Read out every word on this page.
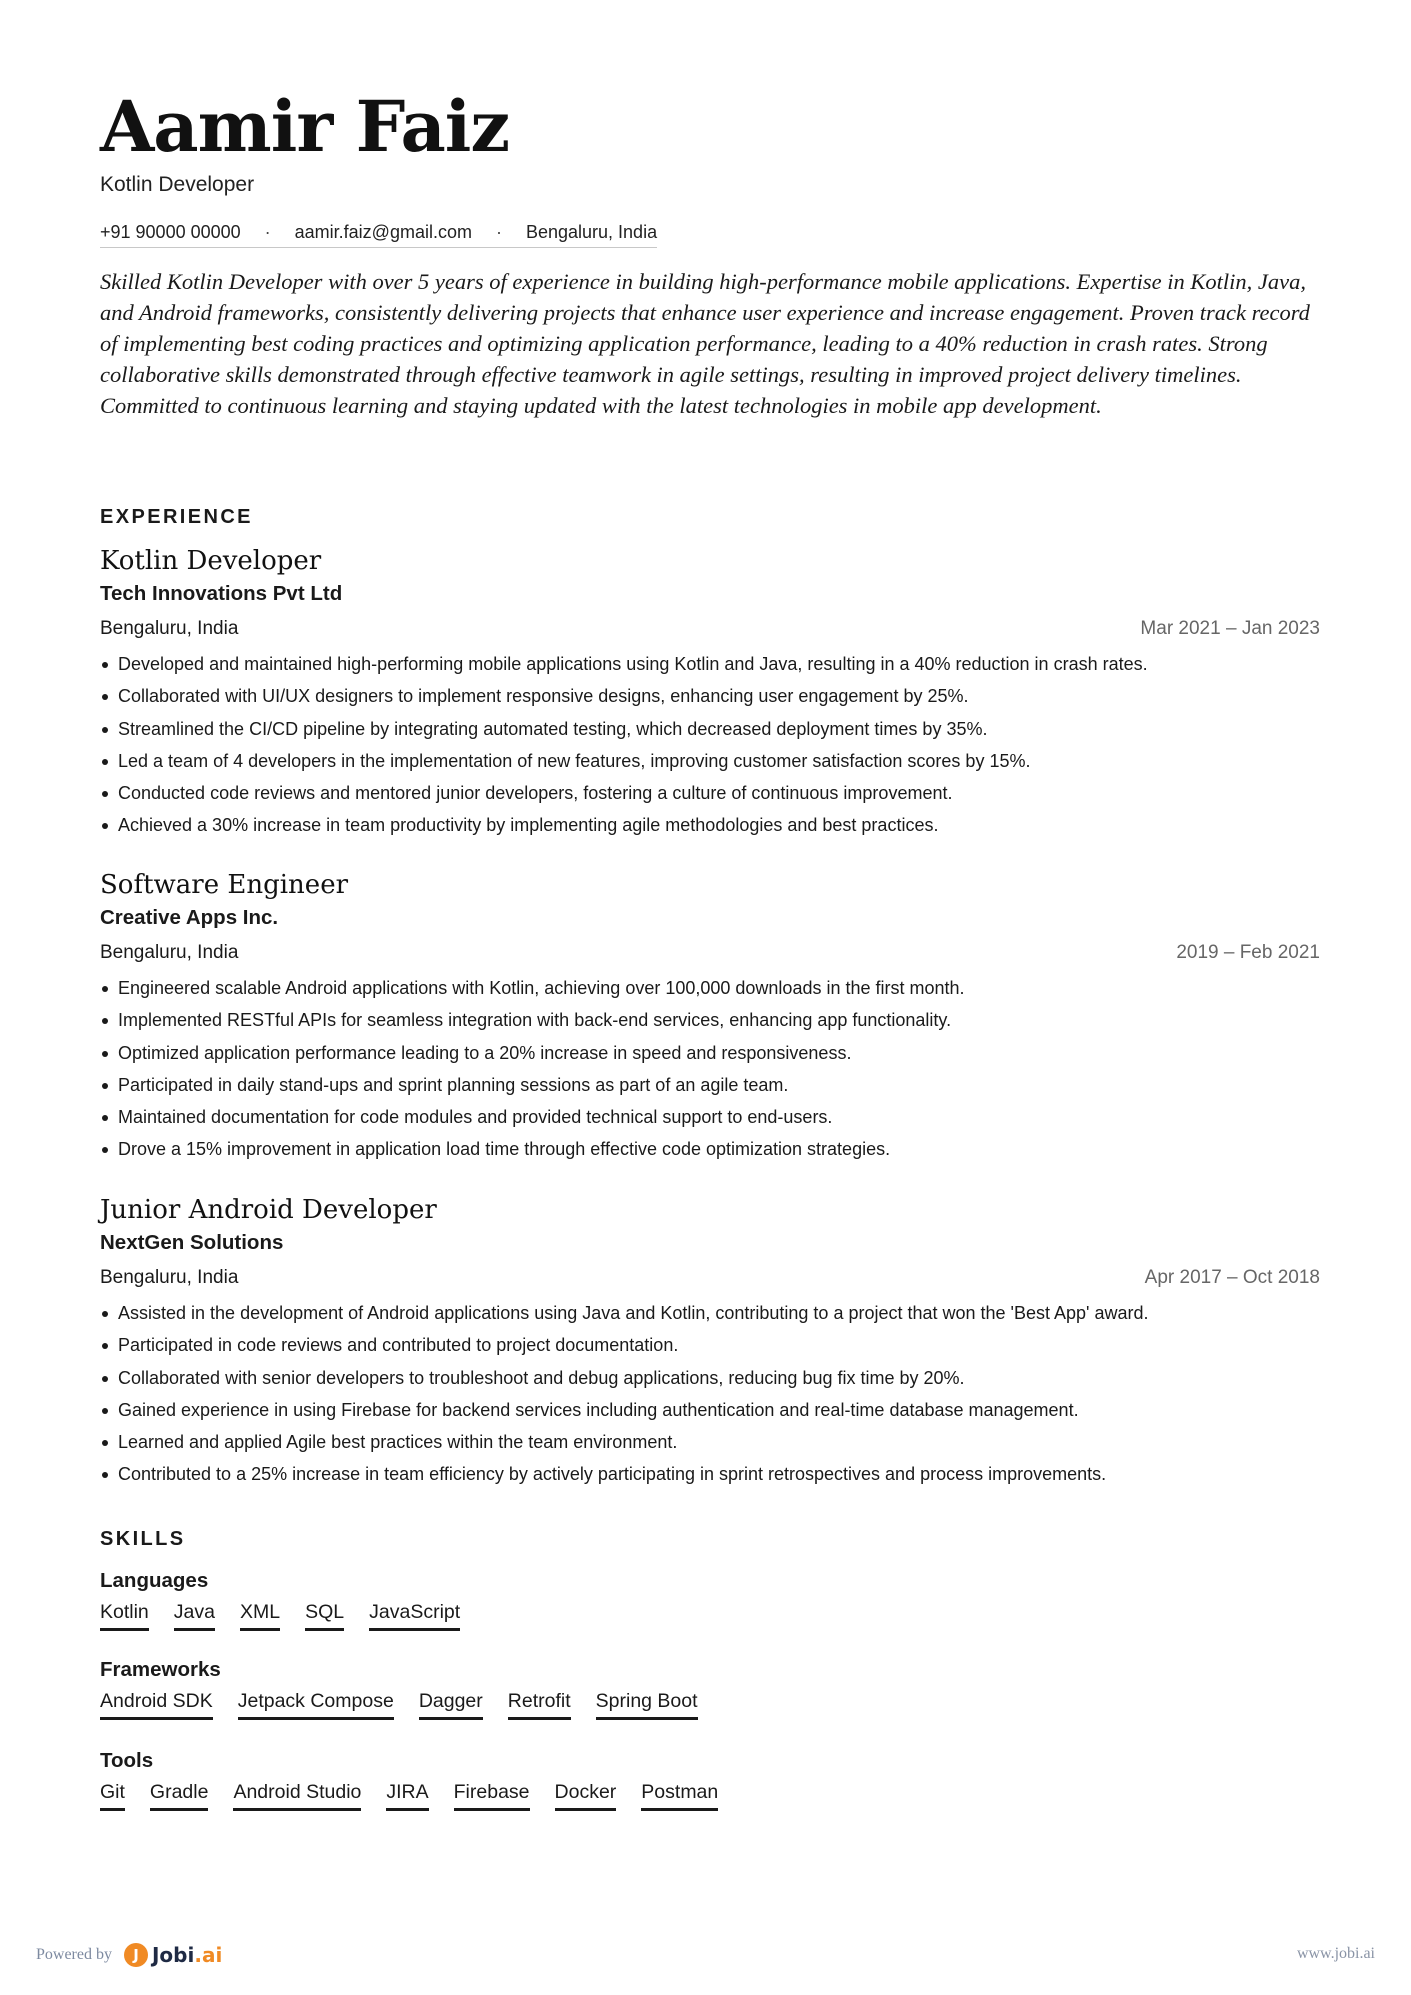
Aamir Faiz
Kotlin Developer
+91 90000 00000 · aamir.faiz@gmail.com · Bengaluru, India

Skilled Kotlin Developer with over 5 years of experience in building high-performance mobile applications. Expertise in Kotlin, Java, and Android frameworks, consistently delivering projects that enhance user experience and increase engagement. Proven track record of implementing best coding practices and optimizing application performance, leading to a 40% reduction in crash rates. Strong collaborative skills demonstrated through effective teamwork in agile settings, resulting in improved project delivery timelines. Committed to continuous learning and staying updated with the latest technologies in mobile app development.

EXPERIENCE
Kotlin Developer
Tech Innovations Pvt Ltd
Bengaluru, India	Mar 2021 – Jan 2023
Developed and maintained high-performing mobile applications using Kotlin and Java, resulting in a 40% reduction in crash rates.
Collaborated with UI/UX designers to implement responsive designs, enhancing user engagement by 25%.
Streamlined the CI/CD pipeline by integrating automated testing, which decreased deployment times by 35%.
Led a team of 4 developers in the implementation of new features, improving customer satisfaction scores by 15%.
Conducted code reviews and mentored junior developers, fostering a culture of continuous improvement.
Achieved a 30% increase in team productivity by implementing agile methodologies and best practices.
Software Engineer
Creative Apps Inc.
Bengaluru, India	2019 – Feb 2021
Engineered scalable Android applications with Kotlin, achieving over 100,000 downloads in the first month.
Implemented RESTful APIs for seamless integration with back-end services, enhancing app functionality.
Optimized application performance leading to a 20% increase in speed and responsiveness.
Participated in daily stand-ups and sprint planning sessions as part of an agile team.
Maintained documentation for code modules and provided technical support to end-users.
Drove a 15% improvement in application load time through effective code optimization strategies.
Junior Android Developer
NextGen Solutions
Bengaluru, India	Apr 2017 – Oct 2018
Assisted in the development of Android applications using Java and Kotlin, contributing to a project that won the 'Best App' award.
Participated in code reviews and contributed to project documentation.
Collaborated with senior developers to troubleshoot and debug applications, reducing bug fix time by 20%.
Gained experience in using Firebase for backend services including authentication and real-time database management.
Learned and applied Agile best practices within the team environment.
Contributed to a 25% increase in team efficiency by actively participating in sprint retrospectives and process improvements.
SKILLS
Languages
Kotlin Java XML SQL JavaScript
Frameworks
Android SDK Jetpack Compose Dagger Retrofit Spring Boot
Tools
Git Gradle Android Studio JIRA Firebase Docker Postman
Powered by	J Jobi.ai	www.jobi.ai
